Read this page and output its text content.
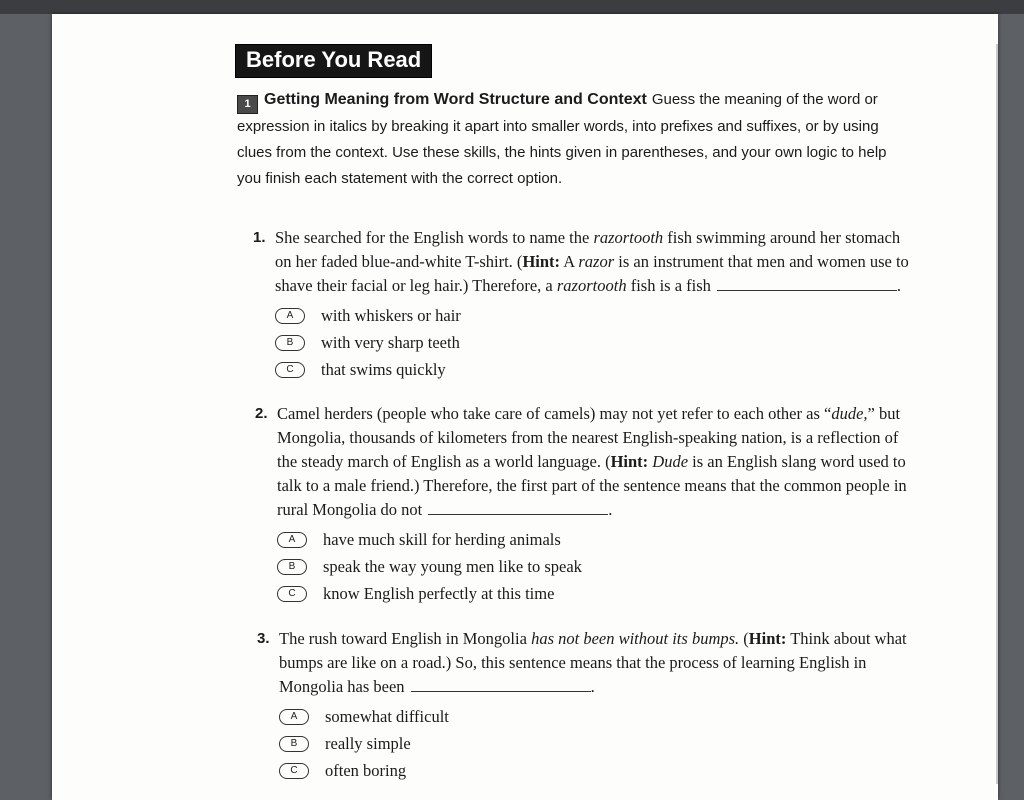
Before You Read
1 Getting Meaning from Word Structure and Context Guess the meaning of the word or expression in italics by breaking it apart into smaller words, into prefixes and suffixes, or by using clues from the context. Use these skills, the hints given in parentheses, and your own logic to help you finish each statement with the correct option.
1. She searched for the English words to name the razortooth fish swimming around her stomach on her faded blue-and-white T-shirt. (Hint: A razor is an instrument that men and women use to shave their facial or leg hair.) Therefore, a razortooth fish is a fish	.
A	with whiskers or hair
B	with very sharp teeth
C	that swims quickly
2. Camel herders (people who take care of camels) may not yet refer to each other as “dude,” but Mongolia, thousands of kilometers from the nearest English-speaking nation, is a reflection of the steady march of English as a world language. (Hint: Dude is an English slang word used to talk to a male friend.) Therefore, the first part of the sentence means that the common people in rural Mongolia do not	.
A	have much skill for herding animals
B	speak the way young men like to speak
C	know English perfectly at this time
3. The rush toward English in Mongolia has not been without its bumps. (Hint: Think about what bumps are like on a road.) So, this sentence means that the process of learning English in Mongolia has been	.
A	somewhat difficult
B	really simple
C	often boring
